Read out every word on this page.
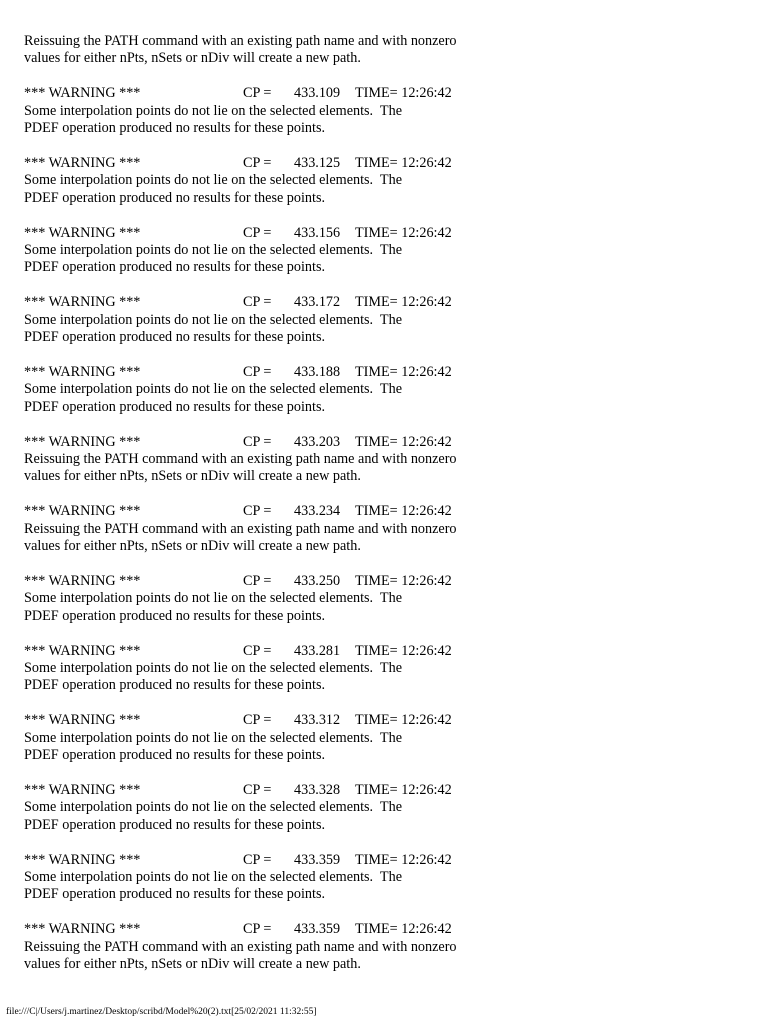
Reissuing the PATH command with an existing path name and with nonzero
values for either nPts, nSets or nDiv will create a new path.
*** WARNING ***	CP = 433.109 TIME= 12:26:42
Some interpolation points do not lie on the selected elements.  The
PDEF operation produced no results for these points.
*** WARNING ***	CP = 433.125 TIME= 12:26:42
Some interpolation points do not lie on the selected elements.  The
PDEF operation produced no results for these points.
*** WARNING ***	CP = 433.156 TIME= 12:26:42
Some interpolation points do not lie on the selected elements.  The
PDEF operation produced no results for these points.
*** WARNING ***	CP = 433.172 TIME= 12:26:42
Some interpolation points do not lie on the selected elements.  The
PDEF operation produced no results for these points.
*** WARNING ***	CP = 433.188 TIME= 12:26:42
Some interpolation points do not lie on the selected elements.  The
PDEF operation produced no results for these points.
*** WARNING ***	CP = 433.203 TIME= 12:26:42
Reissuing the PATH command with an existing path name and with nonzero
values for either nPts, nSets or nDiv will create a new path.
*** WARNING ***	CP = 433.234 TIME= 12:26:42
Reissuing the PATH command with an existing path name and with nonzero
values for either nPts, nSets or nDiv will create a new path.
*** WARNING ***	CP = 433.250 TIME= 12:26:42
Some interpolation points do not lie on the selected elements.  The
PDEF operation produced no results for these points.
*** WARNING ***	CP = 433.281 TIME= 12:26:42
Some interpolation points do not lie on the selected elements.  The
PDEF operation produced no results for these points.
*** WARNING ***	CP = 433.312 TIME= 12:26:42
Some interpolation points do not lie on the selected elements.  The
PDEF operation produced no results for these points.
*** WARNING ***	CP = 433.328 TIME= 12:26:42
Some interpolation points do not lie on the selected elements.  The
PDEF operation produced no results for these points.
*** WARNING ***	CP = 433.359 TIME= 12:26:42
Some interpolation points do not lie on the selected elements.  The
PDEF operation produced no results for these points.
*** WARNING ***	CP = 433.359 TIME= 12:26:42
Reissuing the PATH command with an existing path name and with nonzero
values for either nPts, nSets or nDiv will create a new path.
file:///C|/Users/j.martinez/Desktop/scribd/Model%20(2).txt[25/02/2021 11:32:55]
